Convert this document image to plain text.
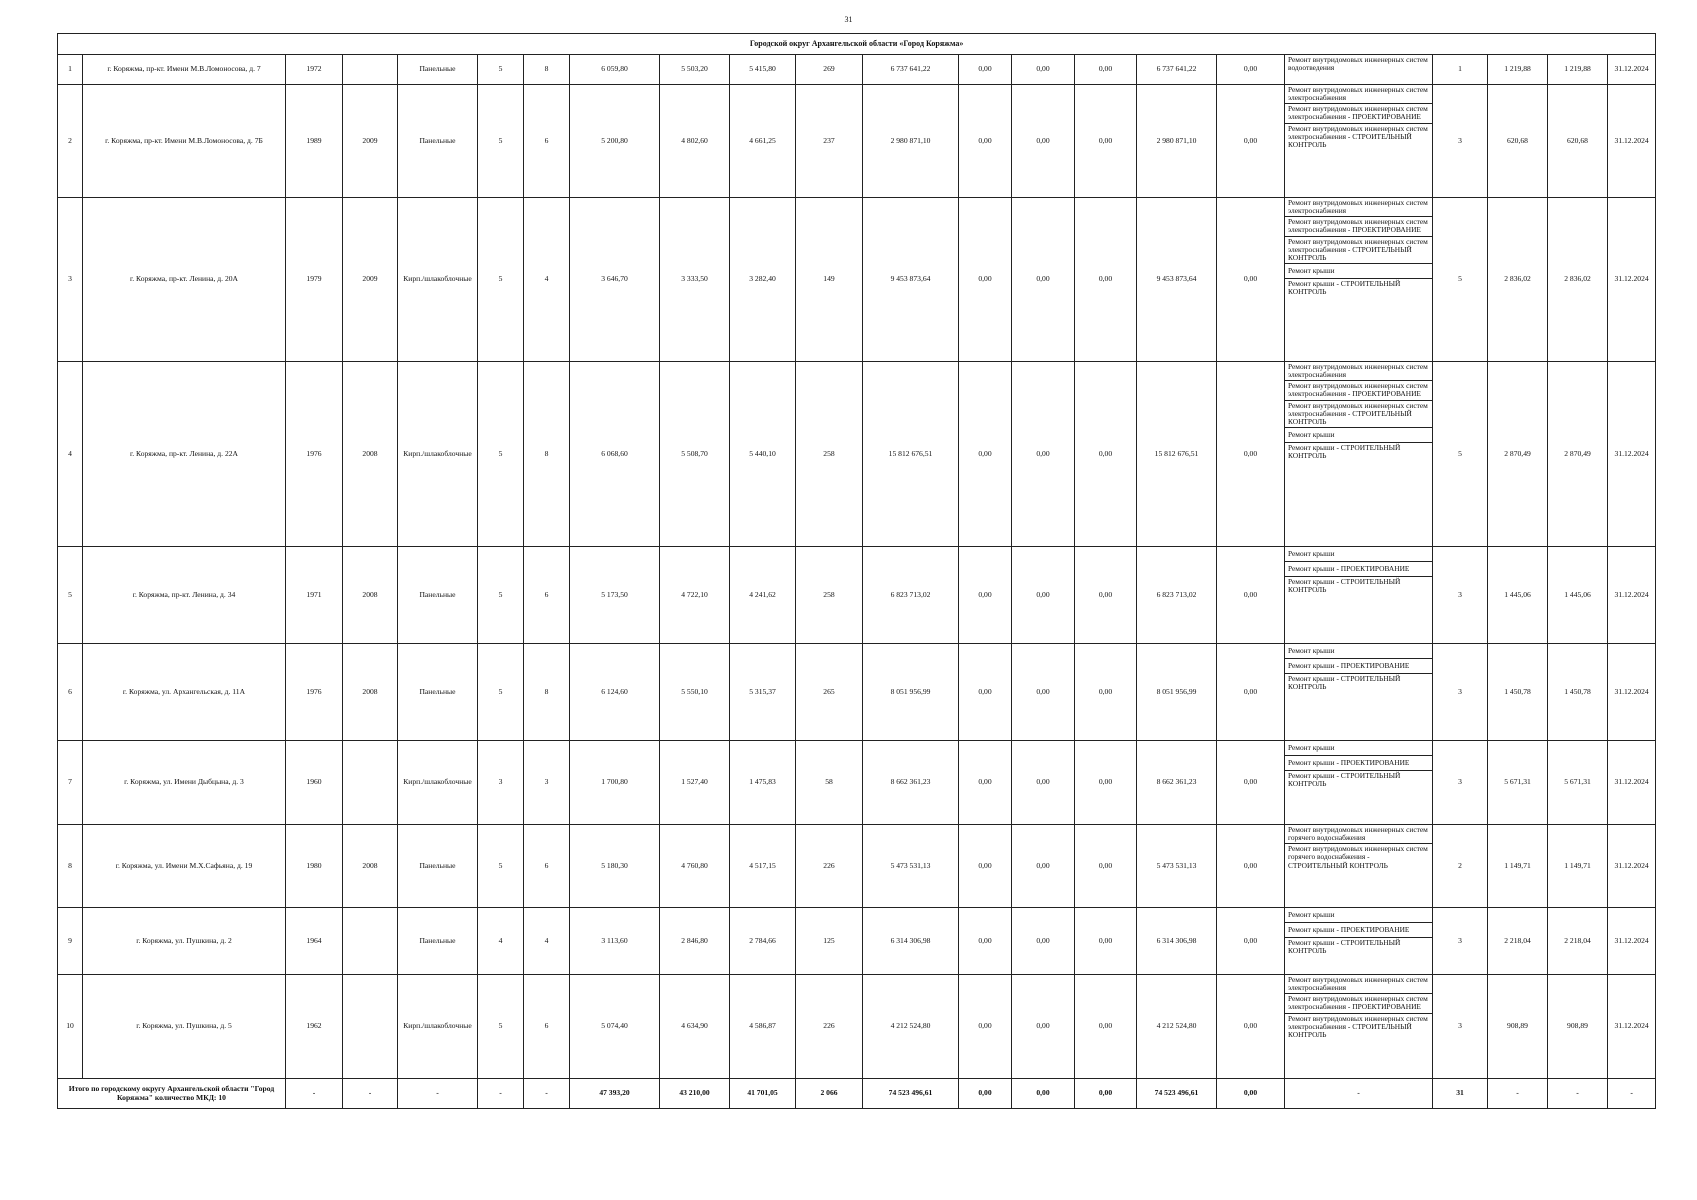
31
Городской округ Архангельской области «Город Коряжма»																					
1	г. Коряжма, пр-кт. Имени М.В.Ломоносова, д. 7	1972		Панельные	5	8	6 059,80	5 503,20	5 415,80	269	6 737 641,22	0,00	0,00	0,00	6 737 641,22	0,00	Ремонт внутридомовых инженерных систем водоотведения	1	1 219,88	1 219,88	31.12.2024
2	г. Коряжма, пр-кт. Имени М.В.Ломоносова, д. 7Б	1989	2009	Панельные	5	6	5 200,80	4 802,60	4 661,25	237	2 980 871,10	0,00	0,00	0,00	2 980 871,10	0,00	Ремонт внутридомовых инженерных систем электроснабжения
Ремонт внутридомовых инженерных систем электроснабжения - ПРОЕКТИРОВАНИЕ
Ремонт внутридомовых инженерных систем электроснабжения - СТРОИТЕЛЬНЫЙ КОНТРОЛЬ	3	620,68	620,68	31.12.2024
3	г. Коряжма, пр-кт. Ленина, д. 20А	1979	2009	Кирп./шлакоблочные	5	4	3 646,70	3 333,50	3 282,40	149	9 453 873,64	0,00	0,00	0,00	9 453 873,64	0,00	Ремонт внутридомовых инженерных систем электроснабжения
Ремонт внутридомовых инженерных систем электроснабжения - ПРОЕКТИРОВАНИЕ
Ремонт внутридомовых инженерных систем электроснабжения - СТРОИТЕЛЬНЫЙ КОНТРОЛЬ
Ремонт крыши
Ремонт крыши - СТРОИТЕЛЬНЫЙ КОНТРОЛЬ	5	2 836,02	2 836,02	31.12.2024
4	г. Коряжма, пр-кт. Ленина, д. 22А	1976	2008	Кирп./шлакоблочные	5	8	6 068,60	5 508,70	5 440,10	258	15 812 676,51	0,00	0,00	0,00	15 812 676,51	0,00	Ремонт внутридомовых инженерных систем электроснабжения
Ремонт внутридомовых инженерных систем электроснабжения - ПРОЕКТИРОВАНИЕ
Ремонт внутридомовых инженерных систем электроснабжения - СТРОИТЕЛЬНЫЙ КОНТРОЛЬ
Ремонт крыши
Ремонт крыши - СТРОИТЕЛЬНЫЙ КОНТРОЛЬ	5	2 870,49	2 870,49	31.12.2024
5	г. Коряжма, пр-кт. Ленина, д. 34	1971	2008	Панельные	5	6	5 173,50	4 722,10	4 241,62	258	6 823 713,02	0,00	0,00	0,00	6 823 713,02	0,00	Ремонт крыши
Ремонт крыши - ПРОЕКТИРОВАНИЕ
Ремонт крыши - СТРОИТЕЛЬНЫЙ КОНТРОЛЬ	3	1 445,06	1 445,06	31.12.2024
6	г. Коряжма, ул. Архангельская, д. 11А	1976	2008	Панельные	5	8	6 124,60	5 550,10	5 315,37	265	8 051 956,99	0,00	0,00	0,00	8 051 956,99	0,00	Ремонт крыши
Ремонт крыши - ПРОЕКТИРОВАНИЕ
Ремонт крыши - СТРОИТЕЛЬНЫЙ КОНТРОЛЬ	3	1 450,78	1 450,78	31.12.2024
7	г. Коряжма, ул. Имени Дыбцына, д. 3	1960		Кирп./шлакоблочные	3	3	1 700,80	1 527,40	1 475,83	58	8 662 361,23	0,00	0,00	0,00	8 662 361,23	0,00	Ремонт крыши
Ремонт крыши - ПРОЕКТИРОВАНИЕ
Ремонт крыши - СТРОИТЕЛЬНЫЙ КОНТРОЛЬ	3	5 671,31	5 671,31	31.12.2024
8	г. Коряжма, ул. Имени М.Х.Сафьяна, д. 19	1980	2008	Панельные	5	6	5 180,30	4 760,80	4 517,15	226	5 473 531,13	0,00	0,00	0,00	5 473 531,13	0,00	Ремонт внутридомовых инженерных систем горячего водоснабжения
Ремонт внутридомовых инженерных систем горячего водоснабжения - СТРОИТЕЛЬНЫЙ КОНТРОЛЬ	2	1 149,71	1 149,71	31.12.2024
9	г. Коряжма, ул. Пушкина, д. 2	1964		Панельные	4	4	3 113,60	2 846,80	2 784,66	125	6 314 306,98	0,00	0,00	0,00	6 314 306,98	0,00	Ремонт крыши
Ремонт крыши - ПРОЕКТИРОВАНИЕ
Ремонт крыши - СТРОИТЕЛЬНЫЙ КОНТРОЛЬ	3	2 218,04	2 218,04	31.12.2024
10	г. Коряжма, ул. Пушкина, д. 5	1962		Кирп./шлакоблочные	5	6	5 074,40	4 634,90	4 586,87	226	4 212 524,80	0,00	0,00	0,00	4 212 524,80	0,00	Ремонт внутридомовых инженерных систем электроснабжения
Ремонт внутридомовых инженерных систем электроснабжения - ПРОЕКТИРОВАНИЕ
Ремонт внутридомовых инженерных систем электроснабжения - СТРОИТЕЛЬНЫЙ КОНТРОЛЬ	3	908,89	908,89	31.12.2024
Итого по городскому округу Архангельской области "Город Коряжма" количество МКД: 10		-	-	-	-	-	47 393,20	43 210,00	41 701,05	2 066	74 523 496,61	0,00	0,00	0,00	74 523 496,61	0,00	-	31	-	-	-
